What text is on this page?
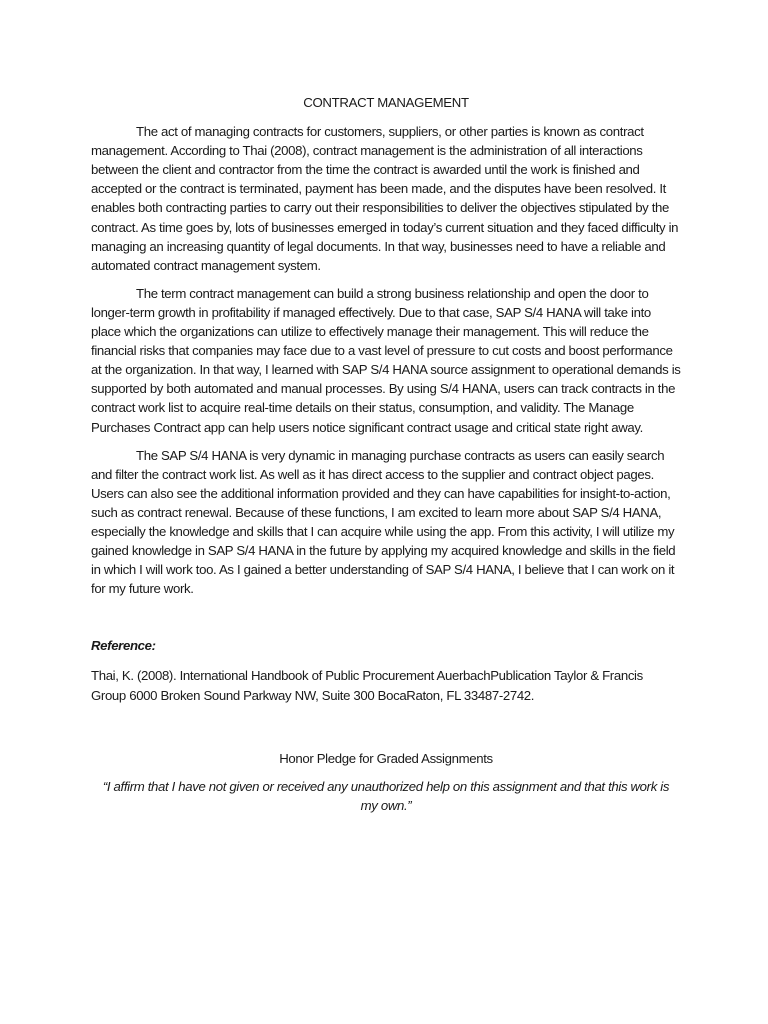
CONTRACT MANAGEMENT

The act of managing contracts for customers, suppliers, or other parties is known as contract management. According to Thai (2008), contract management is the administration of all interactions between the client and contractor from the time the contract is awarded until the work is finished and accepted or the contract is terminated, payment has been made, and the disputes have been resolved. It enables both contracting parties to carry out their responsibilities to deliver the objectives stipulated by the contract. As time goes by, lots of businesses emerged in today’s current situation and they faced difficulty in managing an increasing quantity of legal documents. In that way, businesses need to have a reliable and automated contract management system.

The term contract management can build a strong business relationship and open the door to longer-term growth in profitability if managed effectively. Due to that case, SAP S/4 HANA will take into place which the organizations can utilize to effectively manage their management. This will reduce the financial risks that companies may face due to a vast level of pressure to cut costs and boost performance at the organization. In that way, I learned with SAP S/4 HANA source assignment to operational demands is supported by both automated and manual processes. By using S/4 HANA, users can track contracts in the contract work list to acquire real-time details on their status, consumption, and validity. The Manage Purchases Contract app can help users notice significant contract usage and critical state right away.

The SAP S/4 HANA is very dynamic in managing purchase contracts as users can easily search and filter the contract work list. As well as it has direct access to the supplier and contract object pages. Users can also see the additional information provided and they can have capabilities for insight-to-action, such as contract renewal. Because of these functions, I am excited to learn more about SAP S/4 HANA, especially the knowledge and skills that I can acquire while using the app. From this activity, I will utilize my gained knowledge in SAP S/4 HANA in the future by applying my acquired knowledge and skills in the field in which I will work too. As I gained a better understanding of SAP S/4 HANA, I believe that I can work on it for my future work.

Reference:

Thai, K. (2008). International Handbook of Public Procurement AuerbachPublication Taylor & Francis Group 6000 Broken Sound Parkway NW, Suite 300 BocaRaton, FL 33487-2742.

Honor Pledge for Graded Assignments

“I affirm that I have not given or received any unauthorized help on this assignment and that this work is my own.”
